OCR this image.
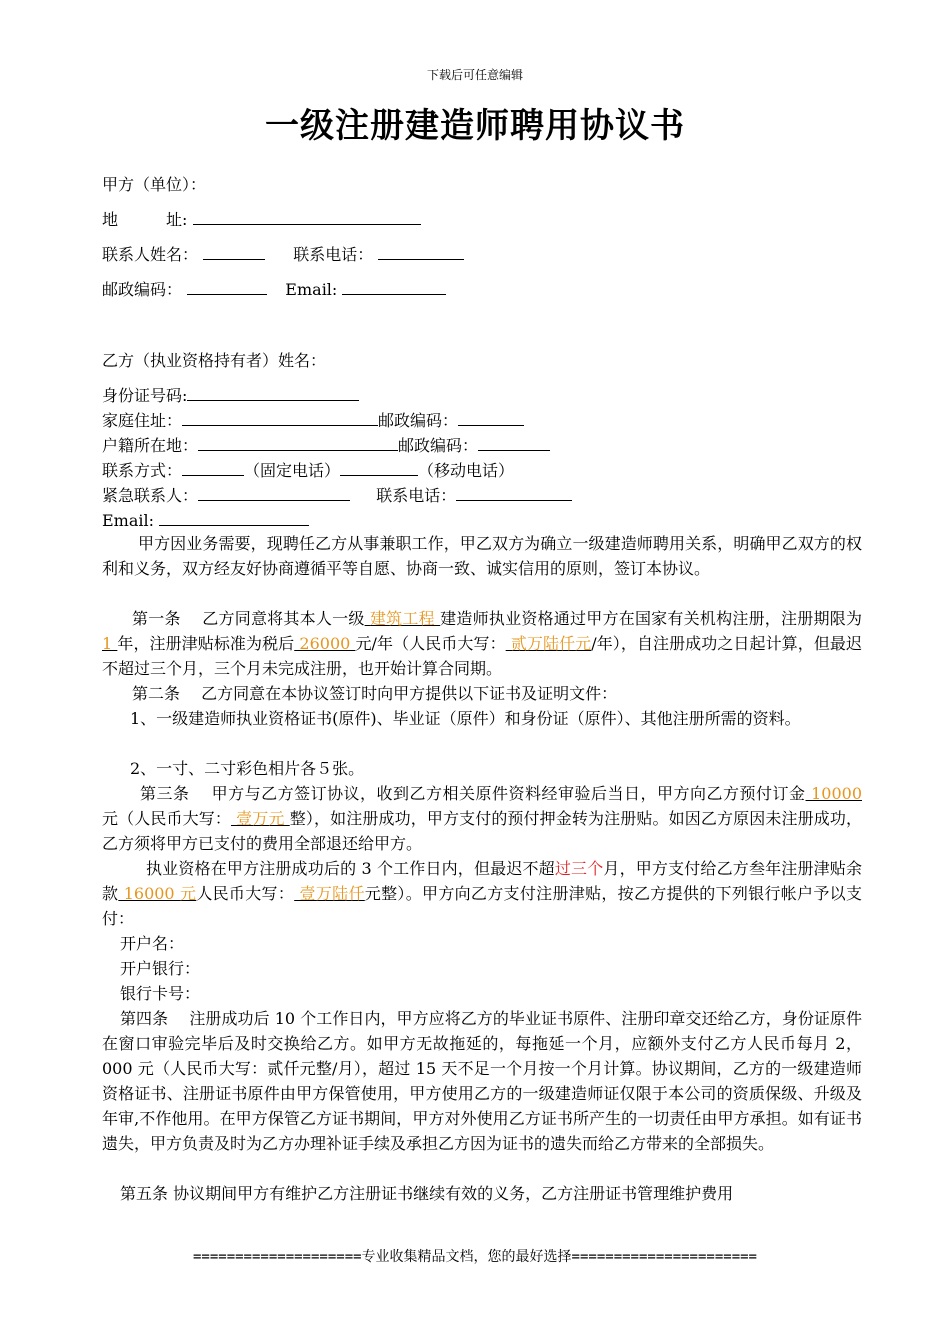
下载后可任意编辑
一级注册建造师聘用协议书
甲方（单位）：
地　　　址:
联系人姓名：	联系电话：
邮政编码：	Email:
乙方（执业资格持有者）姓名：
身份证号码:
家庭住址：	邮政编码：
户籍所在地：	邮政编码：
联系方式：	（固定电话）	（移动电话）
紧急联系人：	联系电话：
Email:
甲方因业务需要，现聘任乙方从事兼职工作，甲乙双方为确立一级建造师聘用关系，明确甲乙双方的权利和义务，双方经友好协商遵循平等自愿、协商一致、诚实信用的原则，签订本协议。
第一条　 乙方同意将其本人一级 建筑工程 建造师执业资格通过甲方在国家有关机构注册，注册期限为 1 年，注册津贴标准为税后 26000 元/年（人民币大写： 贰万陆仟元/年），自注册成功之日起计算，但最迟不超过三个月，三个月未完成注册，也开始计算合同期。
第二条　 乙方同意在本协议签订时向甲方提供以下证书及证明文件：
1、一级建造师执业资格证书(原件)、毕业证（原件）和身份证（原件）、其他注册所需的资料。
2、一寸、二寸彩色相片各５张。
第三条　 甲方与乙方签订协议，收到乙方相关原件资料经审验后当日，甲方向乙方预付订金 10000 元（人民币大写： 壹万元 整），如注册成功，甲方支付的预付押金转为注册贴。如因乙方原因未注册成功，乙方须将甲方已支付的费用全部退还给甲方。
执业资格在甲方注册成功后的 3 个工作日内，但最迟不超过三个月，甲方支付给乙方叁年注册津贴余款 16000 元人民币大写： 壹万陆仟元整）。甲方向乙方支付注册津贴，按乙方提供的下列银行帐户予以支付：
开户名：
开户银行：
银行卡号：
第四条　 注册成功后 10 个工作日内，甲方应将乙方的毕业证书原件、注册印章交还给乙方，身份证原件在窗口审验完毕后及时交换给乙方。如甲方无故拖延的，每拖延一个月，应额外支付乙方人民币每月 2，000 元（人民币大写：贰仟元整/月），超过 15 天不足一个月按一个月计算。协议期间，乙方的一级建造师资格证书、注册证书原件由甲方保管使用，甲方使用乙方的一级建造师证仅限于本公司的资质保级、升级及年审,不作他用。在甲方保管乙方证书期间，甲方对外使用乙方证书所产生的一切责任由甲方承担。如有证书遗失，甲方负责及时为乙方办理补证手续及承担乙方因为证书的遗失而给乙方带来的全部损失。
第五条 协议期间甲方有维护乙方注册证书继续有效的义务，乙方注册证书管理维护费用
====================专业收集精品文档，您的最好选择======================
